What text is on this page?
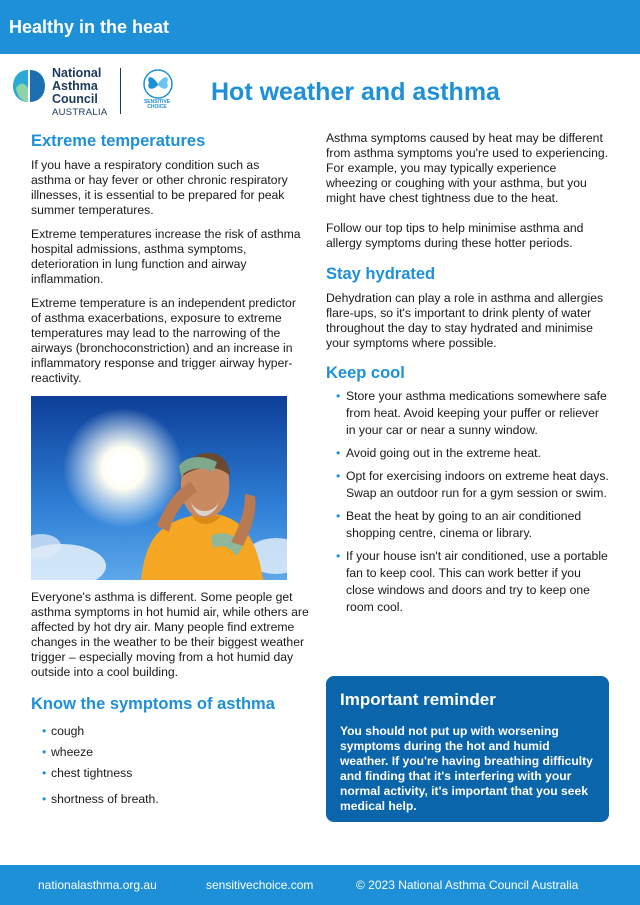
Healthy in the heat
National
Asthma
Council
AUSTRALIA
SENSITIVE
CHOICE
Hot weather and asthma
Extreme temperatures

If you have a respiratory condition such as asthma or hay fever or other chronic respiratory illnesses, it is essential to be prepared for peak summer temperatures.

Extreme temperatures increase the risk of asthma hospital admissions, asthma symptoms, deterioration in lung function and airway inflammation.

Extreme temperature is an independent predictor of asthma exacerbations, exposure to extreme temperatures may lead to the narrowing of the airways (bronchoconstriction) and an increase in inflammatory response and trigger airway hyper-reactivity.

Everyone's asthma is different. Some people get asthma symptoms in hot humid air, while others are affected by hot dry air. Many people find extreme changes in the weather to be their biggest weather trigger – especially moving from a hot humid day outside into a cool building.

Know the symptoms of asthma
• cough
• wheeze
• chest tightness
• shortness of breath.

Asthma symptoms caused by heat may be different from asthma symptoms you're used to experiencing. For example, you may typically experience wheezing or coughing with your asthma, but you might have chest tightness due to the heat.

Follow our top tips to help minimise asthma and allergy symptoms during these hotter periods.

Stay hydrated

Dehydration can play a role in asthma and allergies flare-ups, so it's important to drink plenty of water throughout the day to stay hydrated and minimise your symptoms where possible.

Keep cool
• Store your asthma medications somewhere safe from heat. Avoid keeping your puffer or reliever in your car or near a sunny window.
• Avoid going out in the extreme heat.
• Opt for exercising indoors on extreme heat days. Swap an outdoor run for a gym session or swim.
• Beat the heat by going to an air conditioned shopping centre, cinema or library.
• If your house isn't air conditioned, use a portable fan to keep cool. This can work better if you close windows and doors and try to keep one room cool.
Important reminder

You should not put up with worsening symptoms during the hot and humid weather. If you're having breathing difficulty and finding that it's interfering with your normal activity, it's important that you seek medical help.

nationalasthma.org.au	sensitivechoice.com	© 2023 National Asthma Council Australia
